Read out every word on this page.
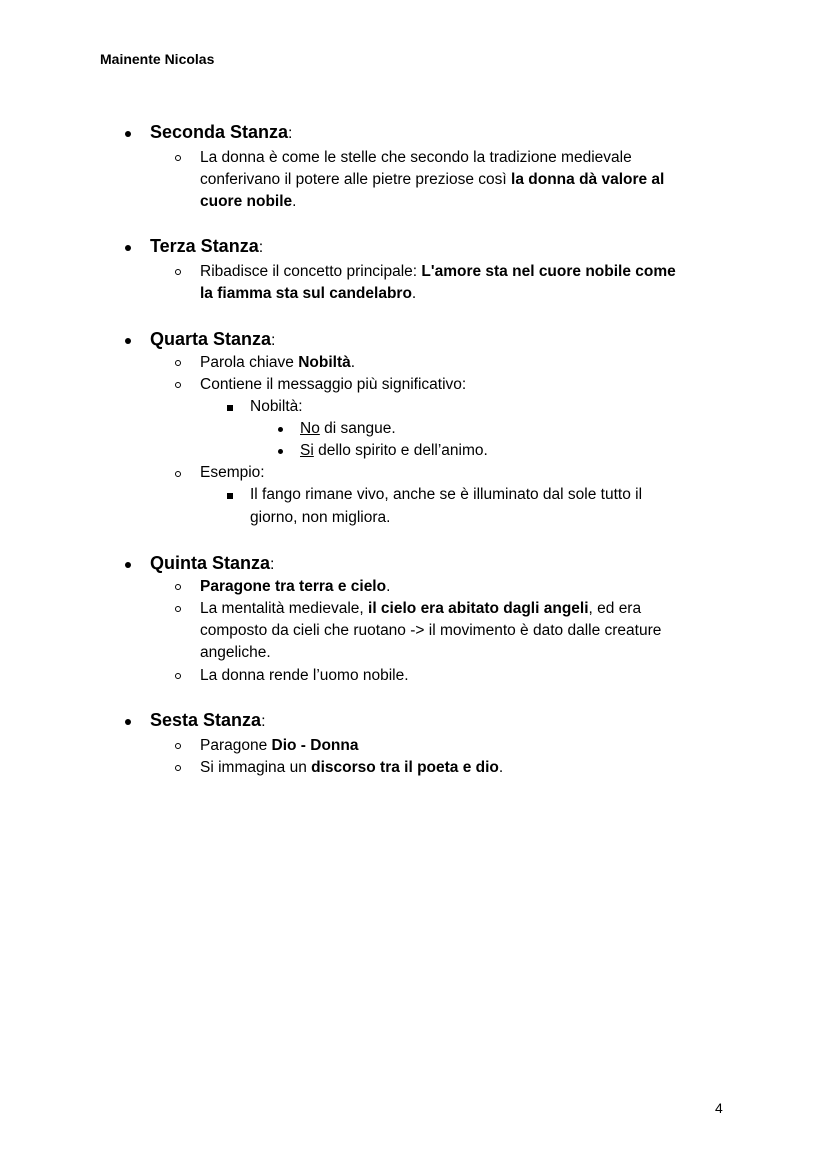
Mainente Nicolas
Seconda Stanza:
La donna è come le stelle che secondo la tradizione medievale
conferivano il potere alle pietre preziose così la donna dà valore al
cuore nobile.
Terza Stanza:
Ribadisce il concetto principale: L'amore sta nel cuore nobile come
la fiamma sta sul candelabro.
Quarta Stanza:
Parola chiave Nobiltà.
Contiene il messaggio più significativo:
Nobiltà:
No di sangue.
Si dello spirito e dell’animo.
Esempio:
Il fango rimane vivo, anche se è illuminato dal sole tutto il
giorno, non migliora.
Quinta Stanza:
Paragone tra terra e cielo.
La mentalità medievale, il cielo era abitato dagli angeli, ed era
composto da cieli che ruotano -> il movimento è dato dalle creature
angeliche.
La donna rende l’uomo nobile.
Sesta Stanza:
Paragone Dio - Donna
Si immagina un discorso tra il poeta e dio.
4
